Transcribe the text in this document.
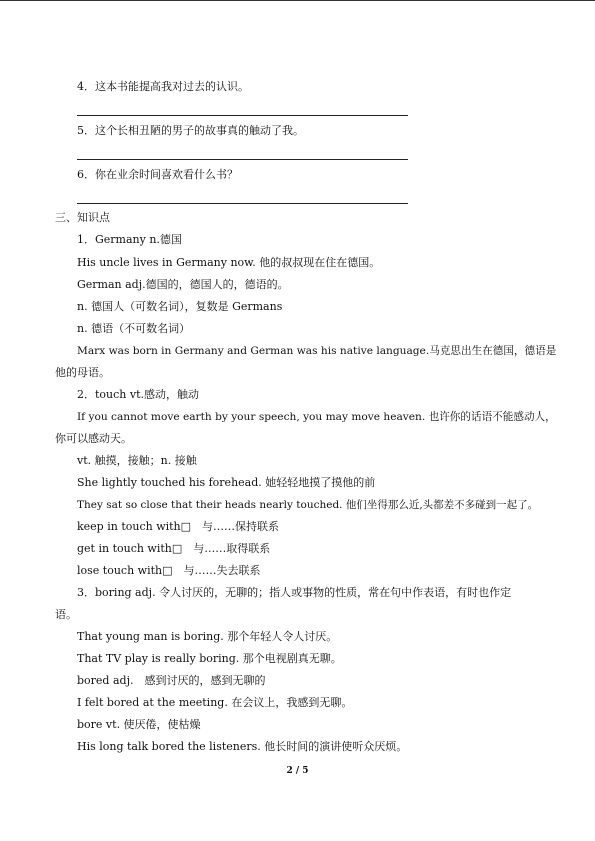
4．这本书能提高我对过去的认识。
5．这个长相丑陋的男子的故事真的触动了我。
6．你在业余时间喜欢看什么书？
三、知识点
1．Germany n.德国
His uncle lives in Germany now. 他的叔叔现在住在德国。
German adj.德国的，德国人的，德语的。
n. 德国人（可数名词），复数是 Germans
n. 德语（不可数名词）
Marx was born in Germany and German was his native language.马克思出生在德国，德语是
他的母语。
2．touch vt.感动，触动
If you cannot move earth by your speech, you may move heaven. 也许你的话语不能感动人，
你可以感动天。
vt. 触摸，接触；n. 接触
She lightly touched his forehead. 她轻轻地摸了摸他的前
They sat so close that their heads nearly touched. 他们坐得那么近,头都差不多碰到一起了。
keep in touch with□　与……保持联系
get in touch with□　与……取得联系
lose touch with□　与……失去联系
3．boring adj. 令人讨厌的，无聊的；指人或事物的性质，常在句中作表语，有时也作定
语。
That young man is boring. 那个年轻人令人讨厌。
That TV play is really boring. 那个电视剧真无聊。
bored adj.　感到讨厌的，感到无聊的
I felt bored at the meeting. 在会议上，我感到无聊。
bore vt. 使厌倦，使枯燥
His long talk bored the listeners. 他长时间的演讲使听众厌烦。
2 / 5
